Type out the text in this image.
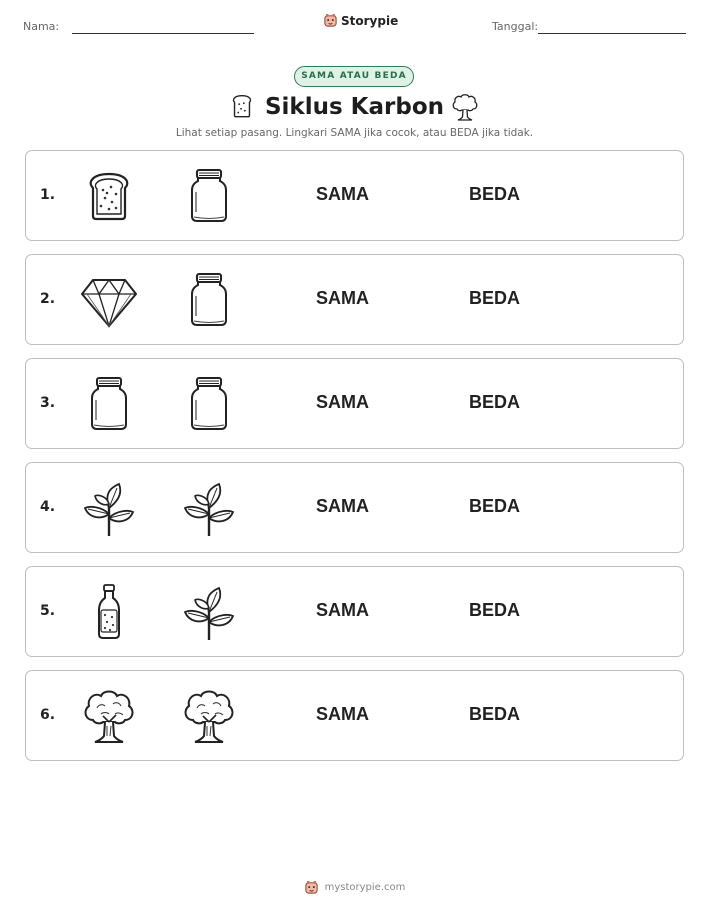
Nama:	Storypie	Tanggal:
SAMA ATAU BEDA
Siklus Karbon
Lihat setiap pasang. Lingkari SAMA jika cocok, atau BEDA jika tidak.
1.	SAMA	BEDA
2.	SAMA	BEDA
3.	SAMA	BEDA
4.	SAMA	BEDA
5.	SAMA	BEDA
6.	SAMA	BEDA
mystorypie.com
